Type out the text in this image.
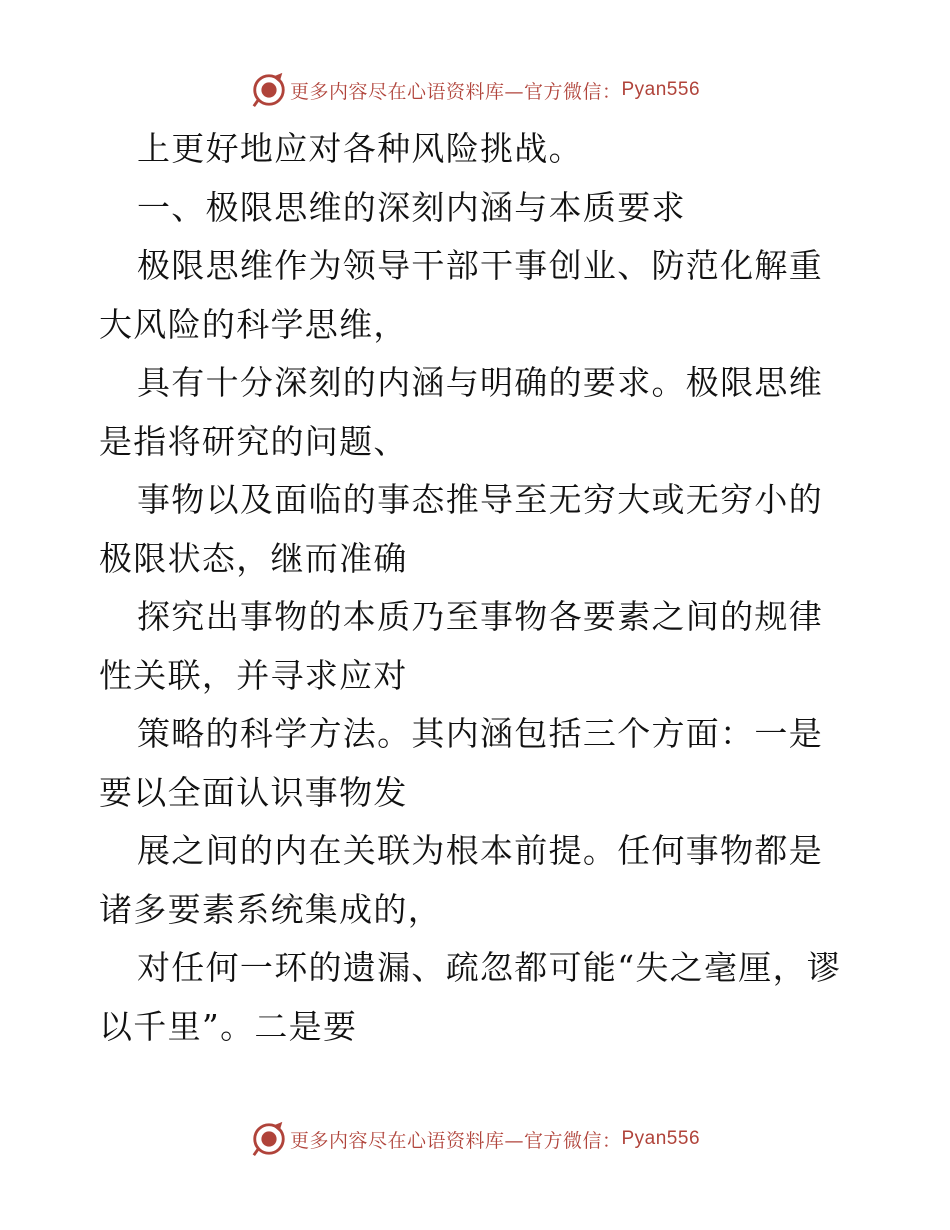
更多内容尽在心语资料库—官方微信： Pyan556

上更好地应对各种风险挑战。

一、极限思维的深刻内涵与本质要求

极限思维作为领导干部干事创业、防范化解重大风险的科学思维，

具有十分深刻的内涵与明确的要求。极限思维是指将研究的问题、

事物以及面临的事态推导至无穷大或无穷小的极限状态，继而准确

探究出事物的本质乃至事物各要素之间的规律性关联，并寻求应对

策略的科学方法。其内涵包括三个方面：一是要以全面认识事物发

展之间的内在关联为根本前提。任何事物都是诸多要素系统集成的，

对任何一环的遗漏、疏忽都可能“失之毫厘，谬以千里”。二是要

更多内容尽在心语资料库—官方微信： Pyan556
